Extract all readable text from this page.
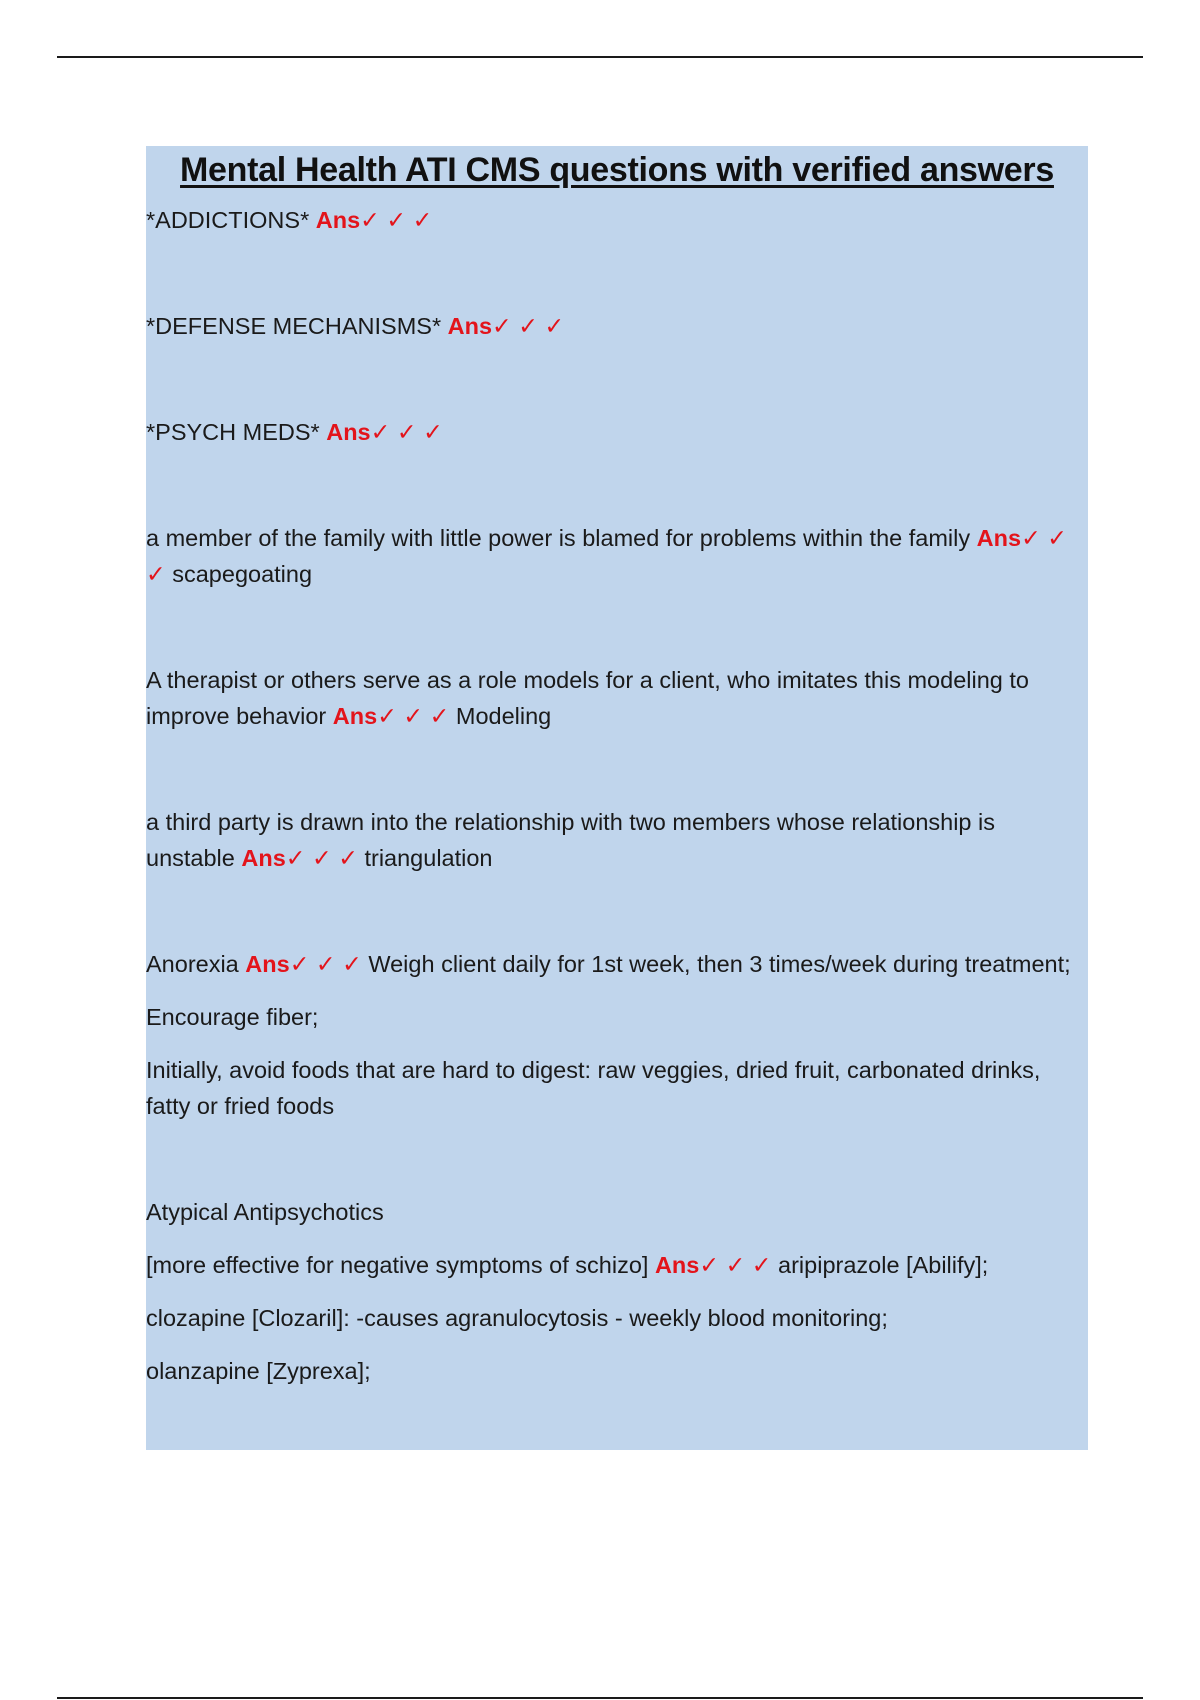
Mental Health ATI CMS questions with verified answers

*ADDICTIONS* Ans✓ ✓ ✓

*DEFENSE MECHANISMS* Ans✓ ✓ ✓

*PSYCH MEDS* Ans✓ ✓ ✓

a member of the family with little power is blamed for problems within the family Ans✓ ✓ ✓ scapegoating

A therapist or others serve as a role models for a client, who imitates this modeling to improve behavior Ans✓ ✓ ✓ Modeling

a third party is drawn into the relationship with two members whose relationship is unstable Ans✓ ✓ ✓ triangulation

Anorexia Ans✓ ✓ ✓ Weigh client daily for 1st week, then 3 times/week during treatment;

Encourage fiber;

Initially, avoid foods that are hard to digest: raw veggies, dried fruit, carbonated drinks, fatty or fried foods

Atypical Antipsychotics

[more effective for negative symptoms of schizo] Ans✓ ✓ ✓ aripiprazole [Abilify];

clozapine [Clozaril]: -causes agranulocytosis - weekly blood monitoring;

olanzapine [Zyprexa];
